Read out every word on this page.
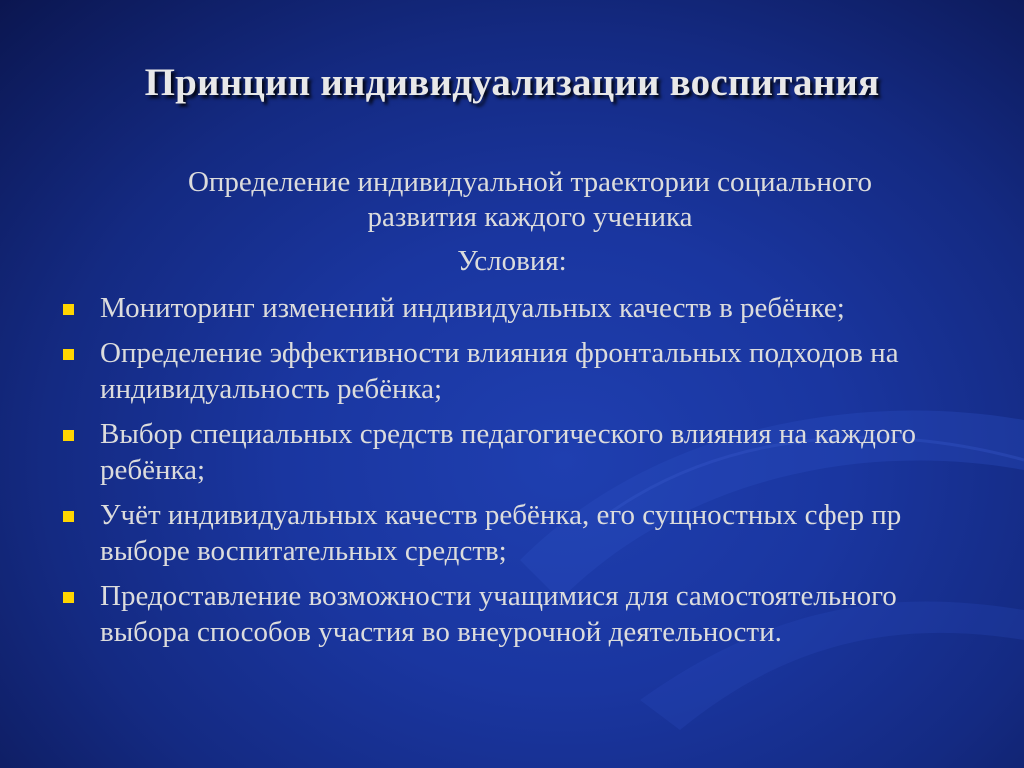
Принцип индивидуализации воспитания
Определение индивидуальной траектории социального
развития каждого ученика
Условия:
Мониторинг изменений индивидуальных качеств в ребёнке;
Определение эффективности влияния фронтальных подходов на индивидуальность ребёнка;
Выбор специальных средств педагогического влияния на каждого ребёнка;
Учёт индивидуальных качеств ребёнка, его сущностных сфер пр  выборе воспитательных средств;
Предоставление возможности учащимися для самостоятельного выбора способов участия во внеурочной деятельности.
